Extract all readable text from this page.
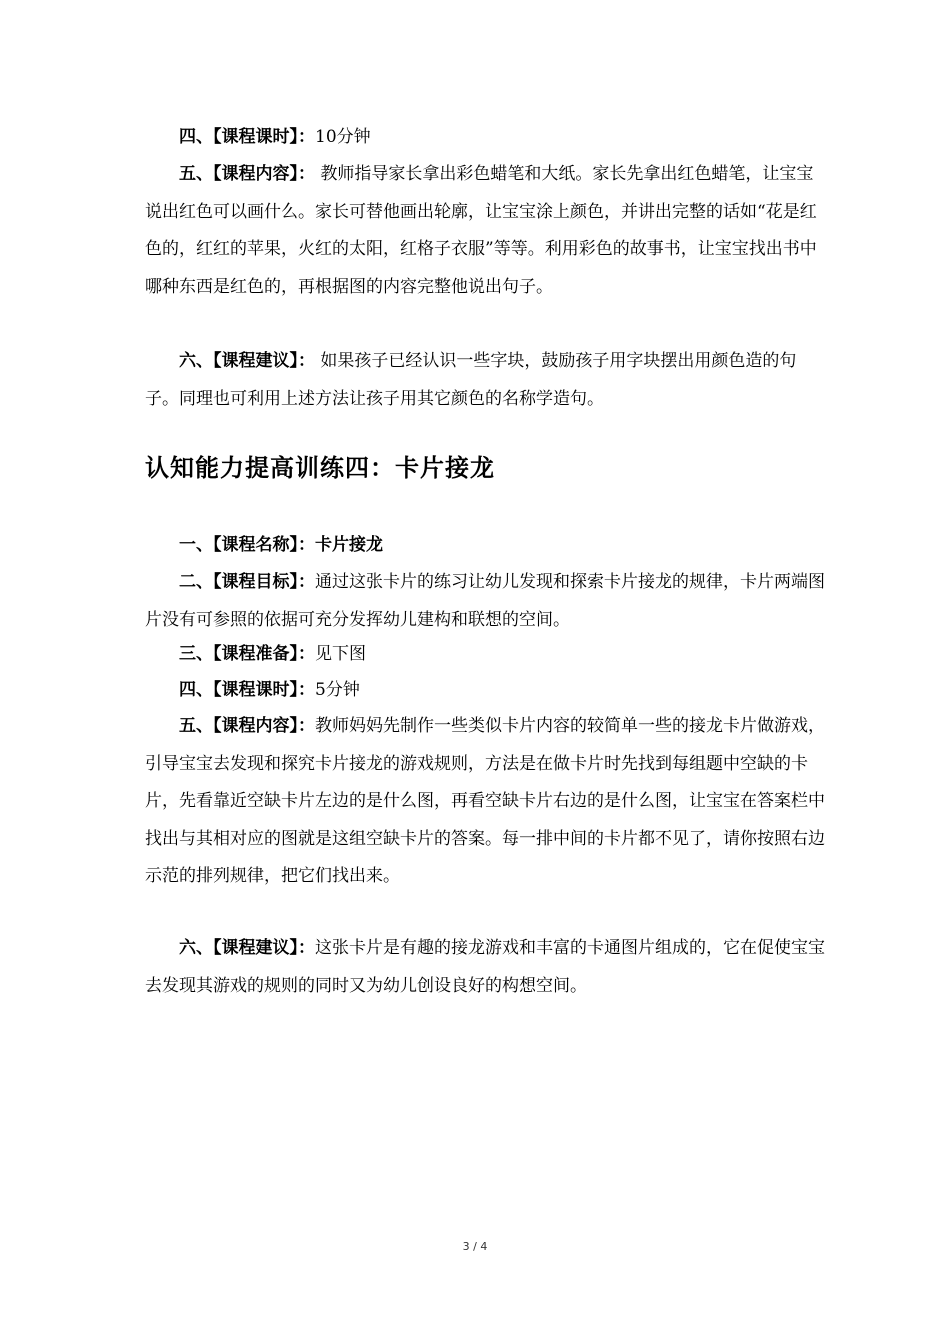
四、【课程课时】：10分钟

五、【课程内容】： 教师指导家长拿出彩色蜡笔和大纸。家长先拿出红色蜡笔，让宝宝说出红色可以画什么。家长可替他画出轮廓，让宝宝涂上颜色，并讲出完整的话如“花是红色的，红红的苹果，火红的太阳，红格子衣服”等等。利用彩色的故事书，让宝宝找出书中哪种东西是红色的，再根据图的内容完整他说出句子。

六、【课程建议】： 如果孩子已经认识一些字块，鼓励孩子用字块摆出用颜色造的句子。同理也可利用上述方法让孩子用其它颜色的名称学造句。

认知能力提高训练四：卡片接龙

一、【课程名称】：卡片接龙

二、【课程目标】：通过这张卡片的练习让幼儿发现和探索卡片接龙的规律，卡片两端图片没有可参照的依据可充分发挥幼儿建构和联想的空间。

三、【课程准备】：见下图

四、【课程课时】：5分钟

五、【课程内容】：教师妈妈先制作一些类似卡片内容的较简单一些的接龙卡片做游戏，引导宝宝去发现和探究卡片接龙的游戏规则，方法是在做卡片时先找到每组题中空缺的卡片，先看靠近空缺卡片左边的是什么图，再看空缺卡片右边的是什么图，让宝宝在答案栏中找出与其相对应的图就是这组空缺卡片的答案。每一排中间的卡片都不见了，请你按照右边示范的排列规律，把它们找出来。

六、【课程建议】：这张卡片是有趣的接龙游戏和丰富的卡通图片组成的，它在促使宝宝去发现其游戏的规则的同时又为幼儿创设良好的构想空间。

3 / 4
